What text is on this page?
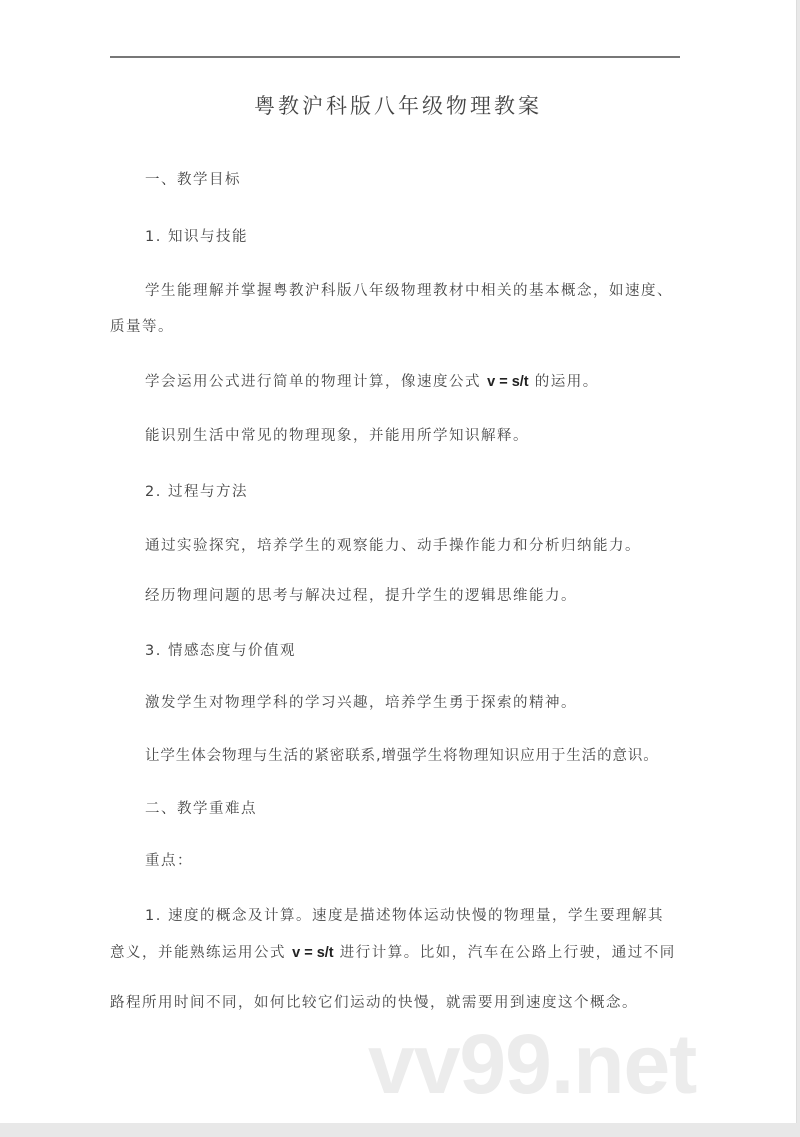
粤教沪科版八年级物理教案
一、教学目标
1. 知识与技能
学生能理解并掌握粤教沪科版八年级物理教材中相关的基本概念，如速度、
质量等。
学会运用公式进行简单的物理计算，像速度公式 v = s/t 的运用。
能识别生活中常见的物理现象，并能用所学知识解释。
2. 过程与方法
通过实验探究，培养学生的观察能力、动手操作能力和分析归纳能力。
经历物理问题的思考与解决过程，提升学生的逻辑思维能力。
3. 情感态度与价值观
激发学生对物理学科的学习兴趣，培养学生勇于探索的精神。
让学生体会物理与生活的紧密联系,增强学生将物理知识应用于生活的意识。
二、教学重难点
重点：
vv99.net
1. 速度的概念及计算。速度是描述物体运动快慢的物理量，学生要理解其
意义，并能熟练运用公式 v = s/t 进行计算。比如，汽车在公路上行驶，通过不同
路程所用时间不同，如何比较它们运动的快慢，就需要用到速度这个概念。
